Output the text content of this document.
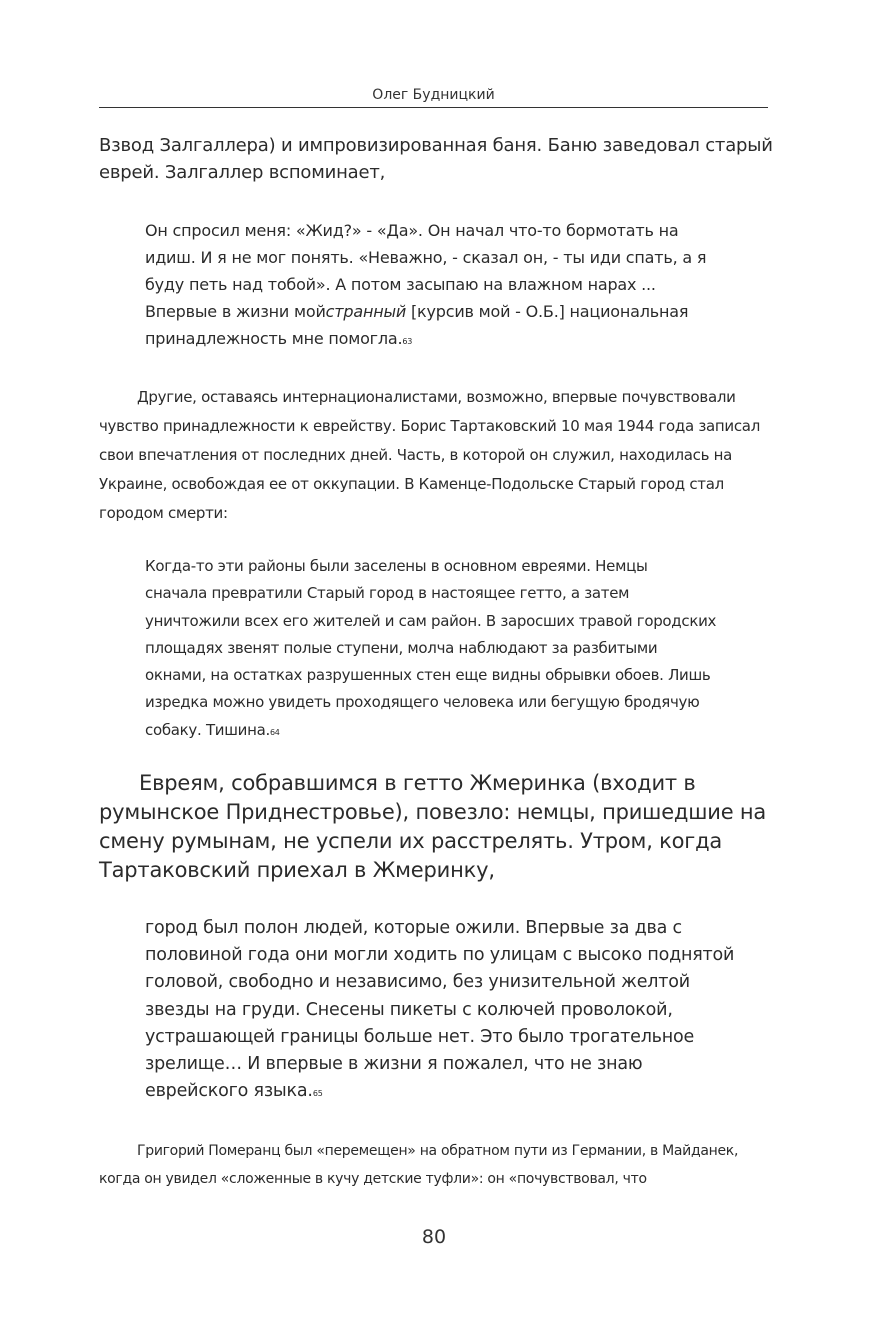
Олег Будницкий
Взвод Залгаллера) и импровизированная баня. Баню заведовал старый
еврей. Залгаллер вспоминает,
Он спросил меня: «Жид?» - «Да». Он начал что-то бормотать на
идиш. И я не мог понять. «Неважно, - сказал он, - ты иди спать, а я
буду петь над тобой». А потом засыпаю на влажном нарах ...
Впервые в жизни мойстранный [курсив мой - О.Б.] национальная
принадлежность мне помогла.63
Другие, оставаясь интернационалистами, возможно, впервые почувствовали
чувство принадлежности к еврейству. Борис Тартаковский 10 мая 1944 года записал
свои впечатления от последних дней. Часть, в которой он служил, находилась на
Украине, освобождая ее от оккупации. В Каменце-Подольске Старый город стал
городом смерти:
Когда-то эти районы были заселены в основном евреями. Немцы
сначала превратили Старый город в настоящее гетто, а затем
уничтожили всех его жителей и сам район. В заросших травой городских
площадях звенят полые ступени, молча наблюдают за разбитыми
окнами, на остатках разрушенных стен еще видны обрывки обоев. Лишь
изредка можно увидеть проходящего человека или бегущую бродячую
собаку. Тишина.64
Евреям, собравшимся в гетто Жмеринка (входит в
румынское Приднестровье), повезло: немцы, пришедшие на
смену румынам, не успели их расстрелять. Утром, когда
Тартаковский приехал в Жмеринку,
город был полон людей, которые ожили. Впервые за два с
половиной года они могли ходить по улицам с высоко поднятой
головой, свободно и независимо, без унизительной желтой
звезды на груди. Снесены пикеты с колючей проволокой,
устрашающей границы больше нет. Это было трогательное
зрелище… И впервые в жизни я пожалел, что не знаю
еврейского языка.65
Григорий Померанц был «перемещен» на обратном пути из Германии, в Майданек,
когда он увидел «сложенные в кучу детские туфли»: он «почувствовал, что
80
